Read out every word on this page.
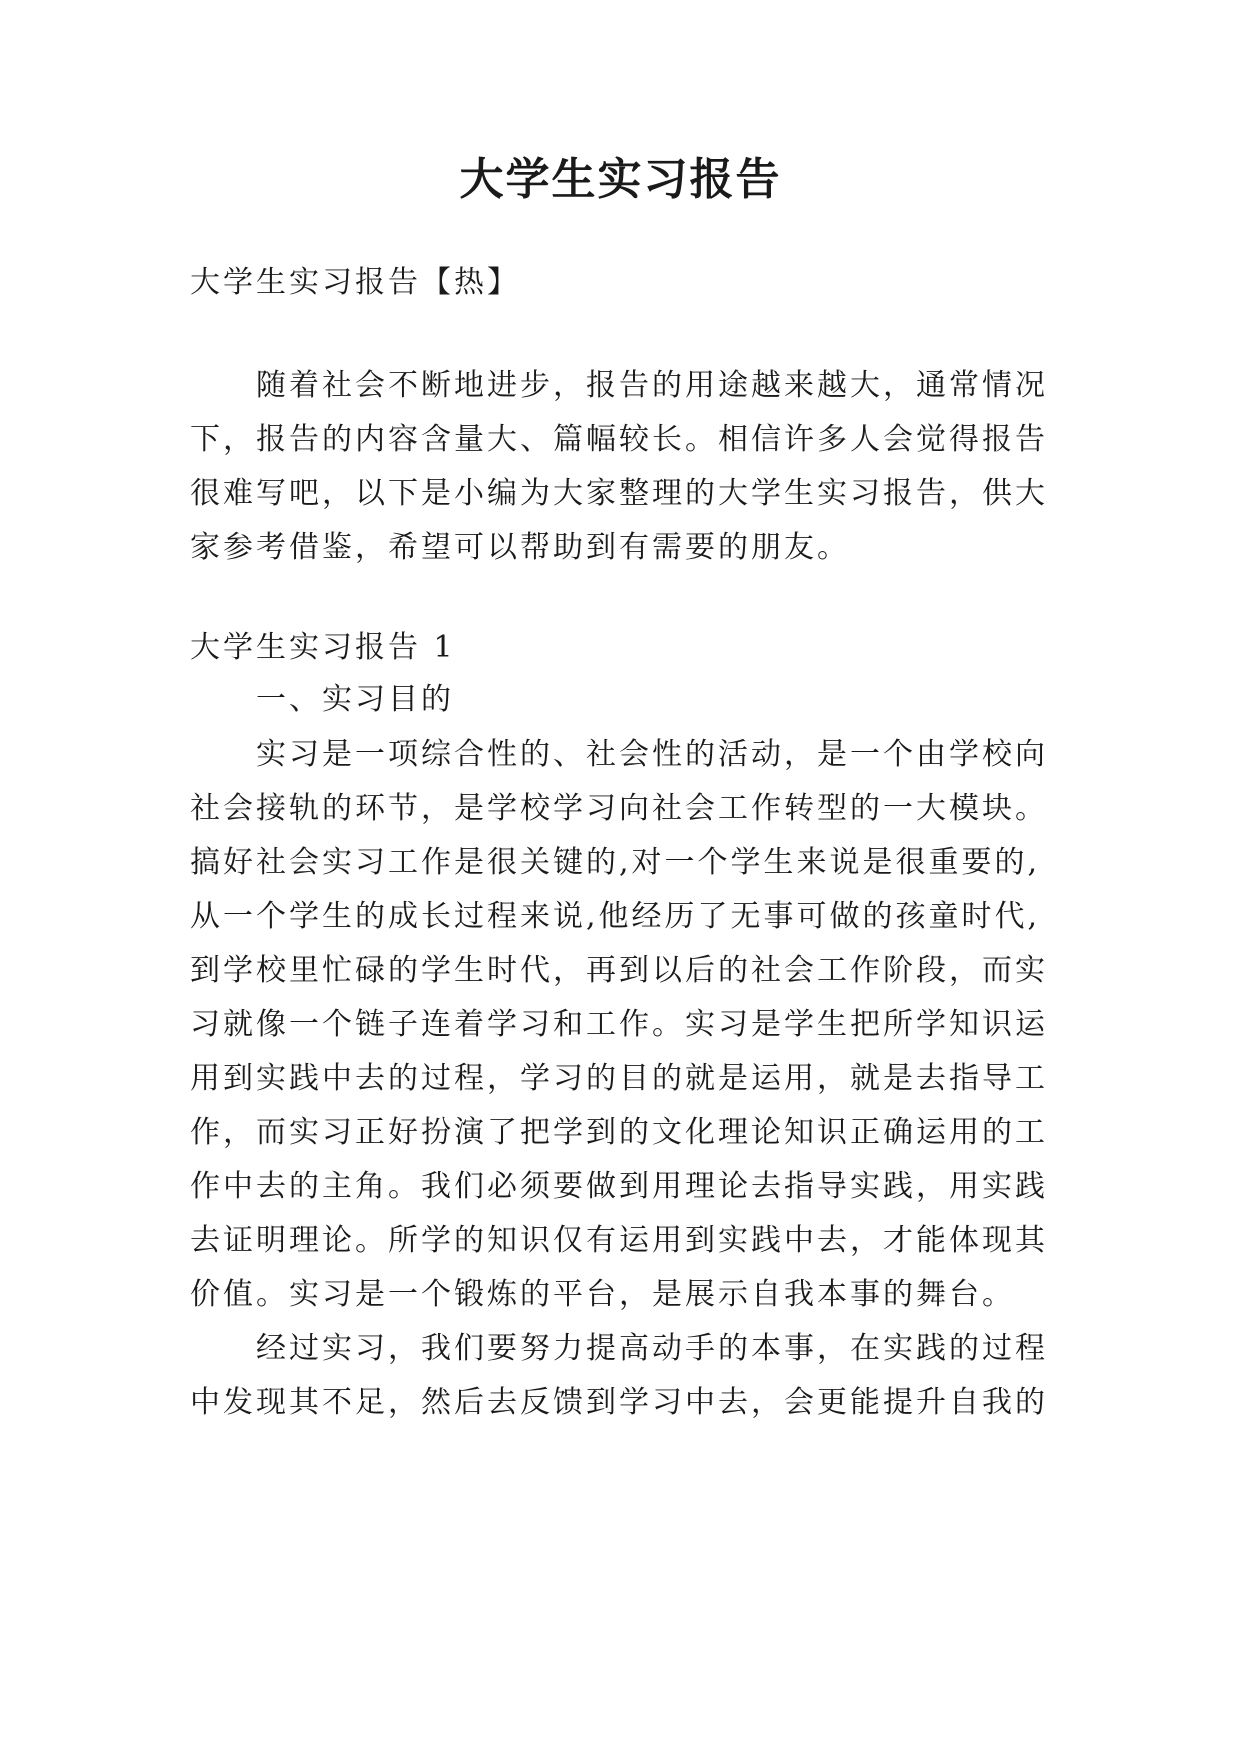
大学生实习报告

大学生实习报告【热】

随着社会不断地进步，报告的用途越来越大，通常情况

下，报告的内容含量大、篇幅较长。相信许多人会觉得报告

很难写吧，以下是小编为大家整理的大学生实习报告，供大

家参考借鉴，希望可以帮助到有需要的朋友。

大学生实习报告 1

一、实习目的

实习是一项综合性的、社会性的活动，是一个由学校向

社会接轨的环节，是学校学习向社会工作转型的一大模块。

搞好社会实习工作是很关键的,对一个学生来说是很重要的,

从一个学生的成长过程来说,他经历了无事可做的孩童时代,

到学校里忙碌的学生时代，再到以后的社会工作阶段，而实

习就像一个链子连着学习和工作。实习是学生把所学知识运

用到实践中去的过程，学习的目的就是运用，就是去指导工

作，而实习正好扮演了把学到的文化理论知识正确运用的工

作中去的主角。我们必须要做到用理论去指导实践，用实践

去证明理论。所学的知识仅有运用到实践中去，才能体现其

价值。实习是一个锻炼的平台，是展示自我本事的舞台。

经过实习，我们要努力提高动手的本事，在实践的过程

中发现其不足，然后去反馈到学习中去，会更能提升自我的
